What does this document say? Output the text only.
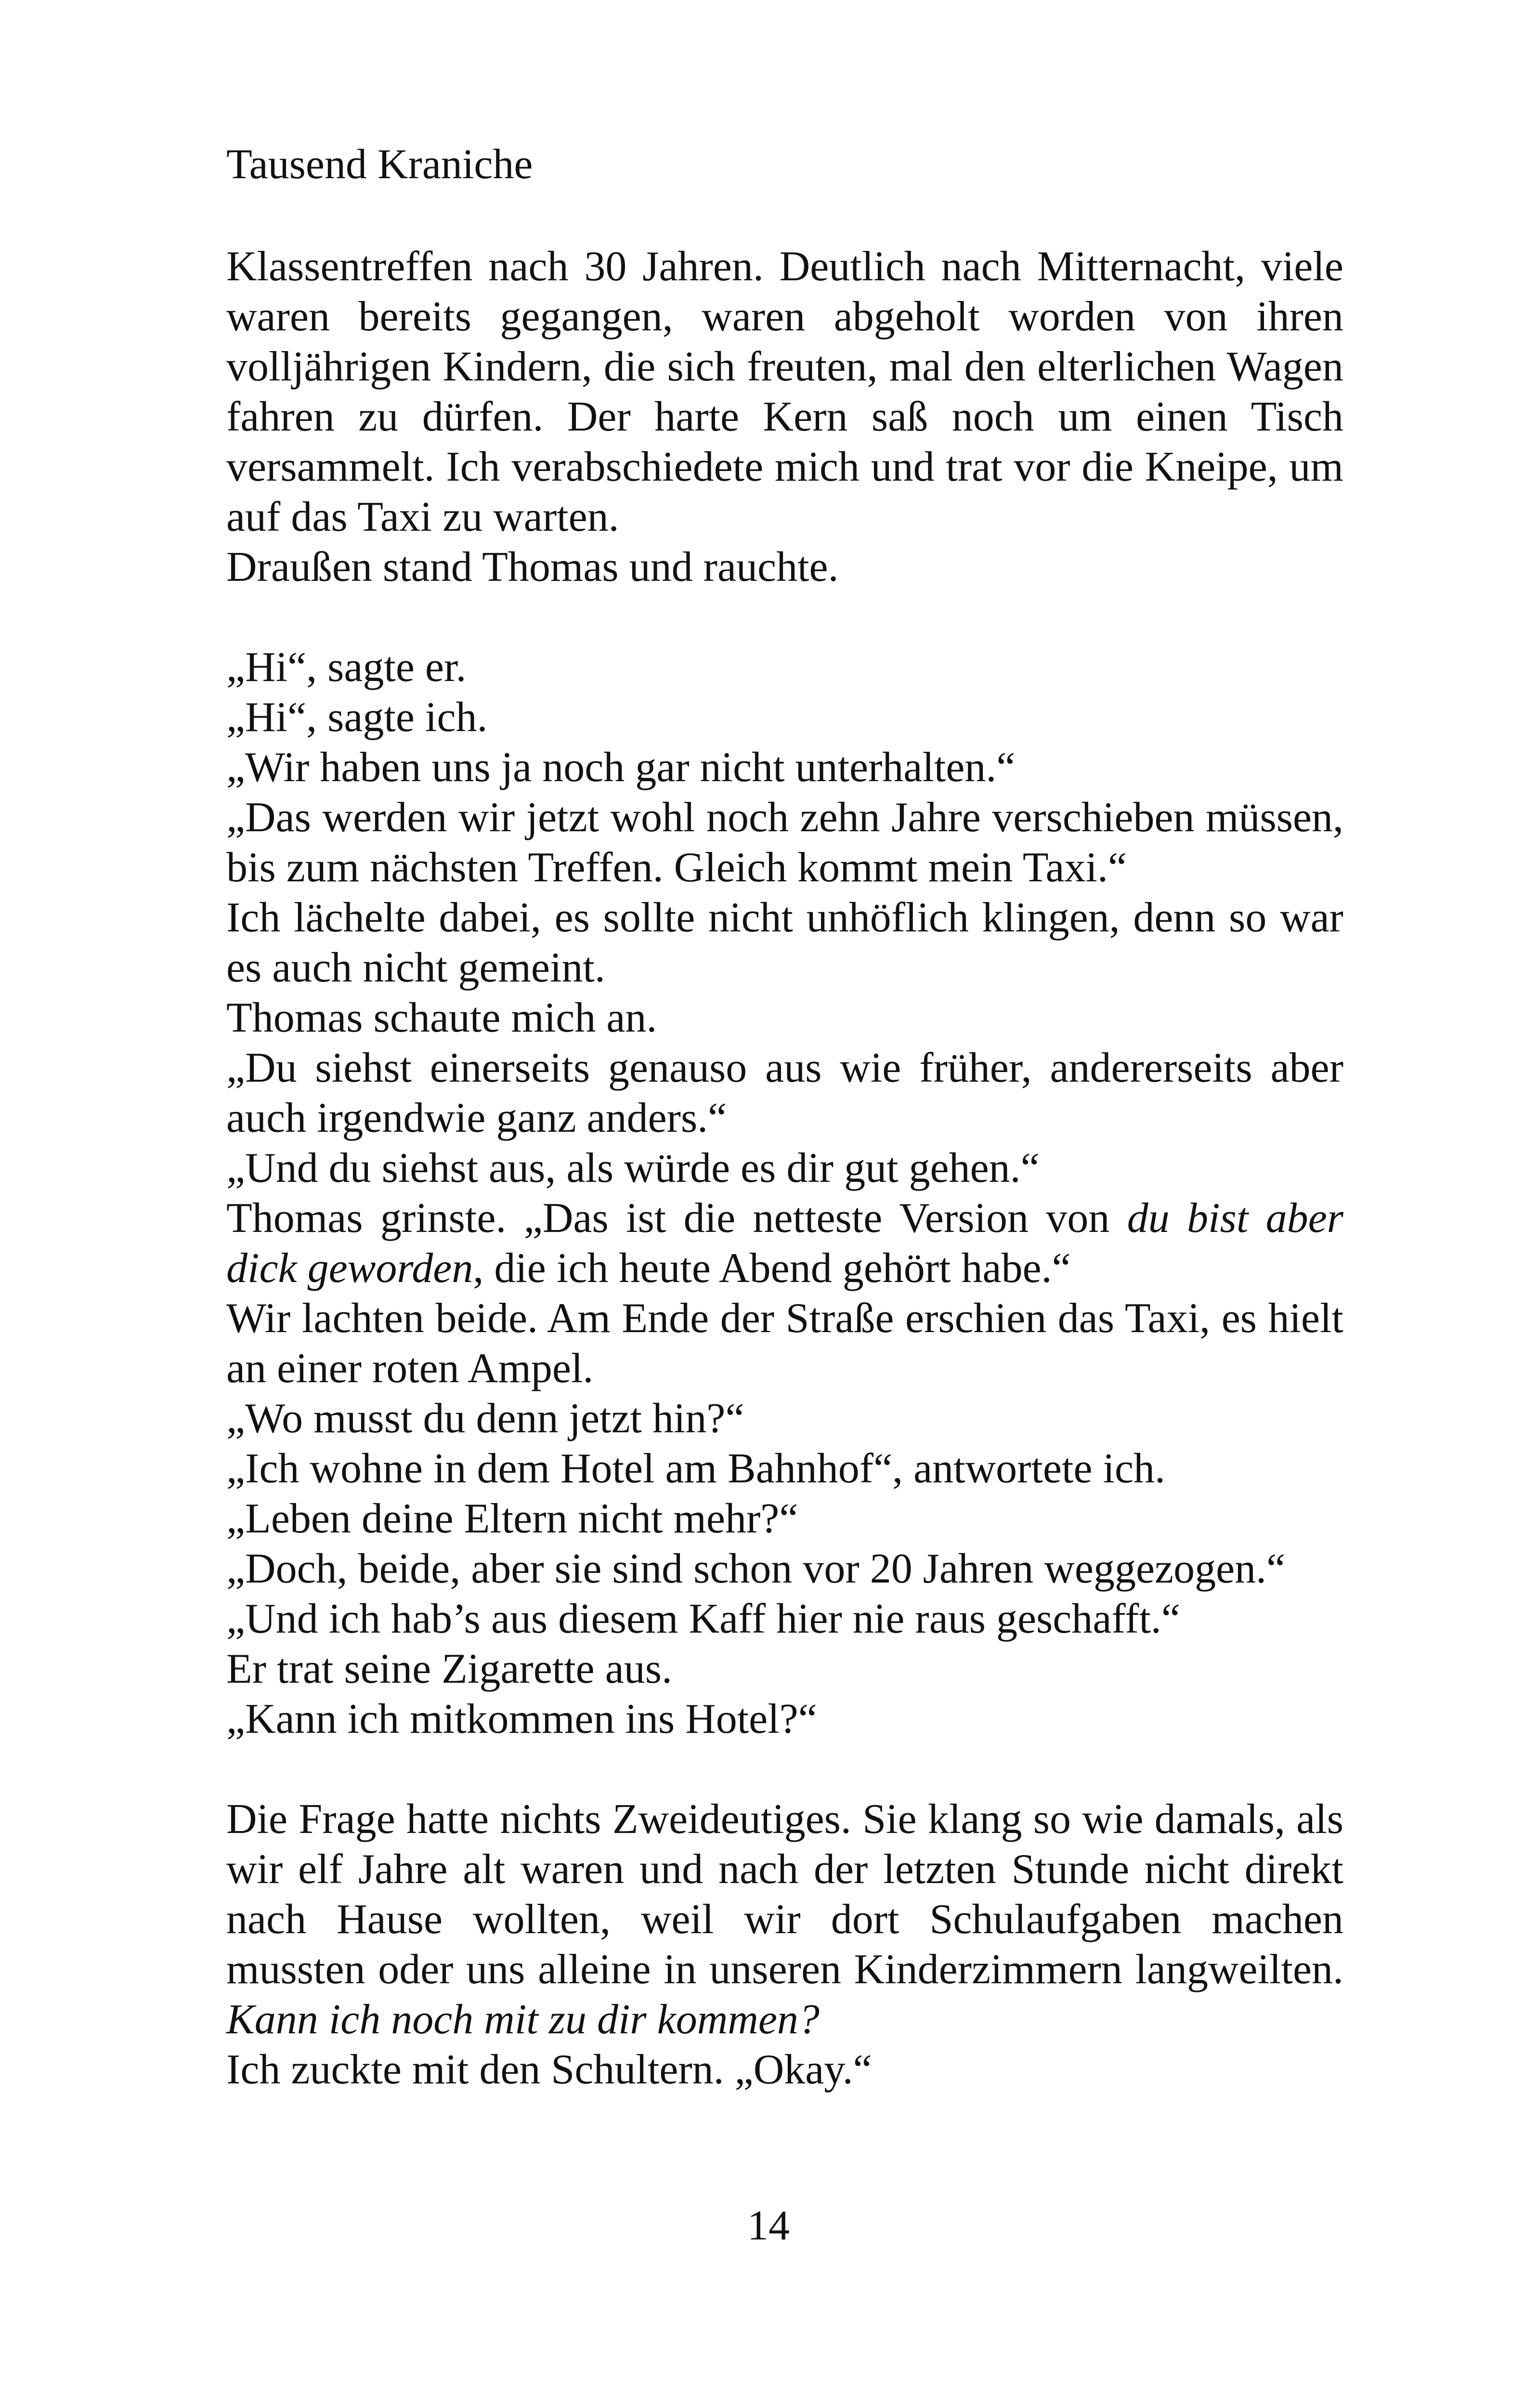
Tausend Kraniche

Klassentreffen nach 30 Jahren. Deutlich nach Mitternacht, viele waren bereits gegangen, waren abgeholt worden von ihren volljährigen Kindern, die sich freuten, mal den elterlichen Wagen fahren zu dürfen. Der harte Kern saß noch um einen Tisch versammelt. Ich verabschiedete mich und trat vor die Kneipe, um auf das Taxi zu warten.

Draußen stand Thomas und rauchte.

„Hi“, sagte er.

„Hi“, sagte ich.

„Wir haben uns ja noch gar nicht unterhalten.“

„Das werden wir jetzt wohl noch zehn Jahre verschieben müssen, bis zum nächsten Treffen. Gleich kommt mein Taxi.“

Ich lächelte dabei, es sollte nicht unhöflich klingen, denn so war es auch nicht gemeint.

Thomas schaute mich an.

„Du siehst einerseits genauso aus wie früher, andererseits aber auch irgendwie ganz anders.“

„Und du siehst aus, als würde es dir gut gehen.“

Thomas grinste. „Das ist die netteste Version von du bist aber dick geworden, die ich heute Abend gehört habe.“

Wir lachten beide. Am Ende der Straße erschien das Taxi, es hielt an einer roten Ampel.

„Wo musst du denn jetzt hin?“

„Ich wohne in dem Hotel am Bahnhof“, antwortete ich.

„Leben deine Eltern nicht mehr?“

„Doch, beide, aber sie sind schon vor 20 Jahren weggezogen.“

„Und ich hab’s aus diesem Kaff hier nie raus geschafft.“

Er trat seine Zigarette aus.

„Kann ich mitkommen ins Hotel?“

Die Frage hatte nichts Zweideutiges. Sie klang so wie damals, als wir elf Jahre alt waren und nach der letzten Stunde nicht direkt nach Hause wollten, weil wir dort Schulaufgaben machen mussten oder uns alleine in unseren Kinderzimmern langweilten. Kann ich noch mit zu dir kommen?

Ich zuckte mit den Schultern. „Okay.“

14
